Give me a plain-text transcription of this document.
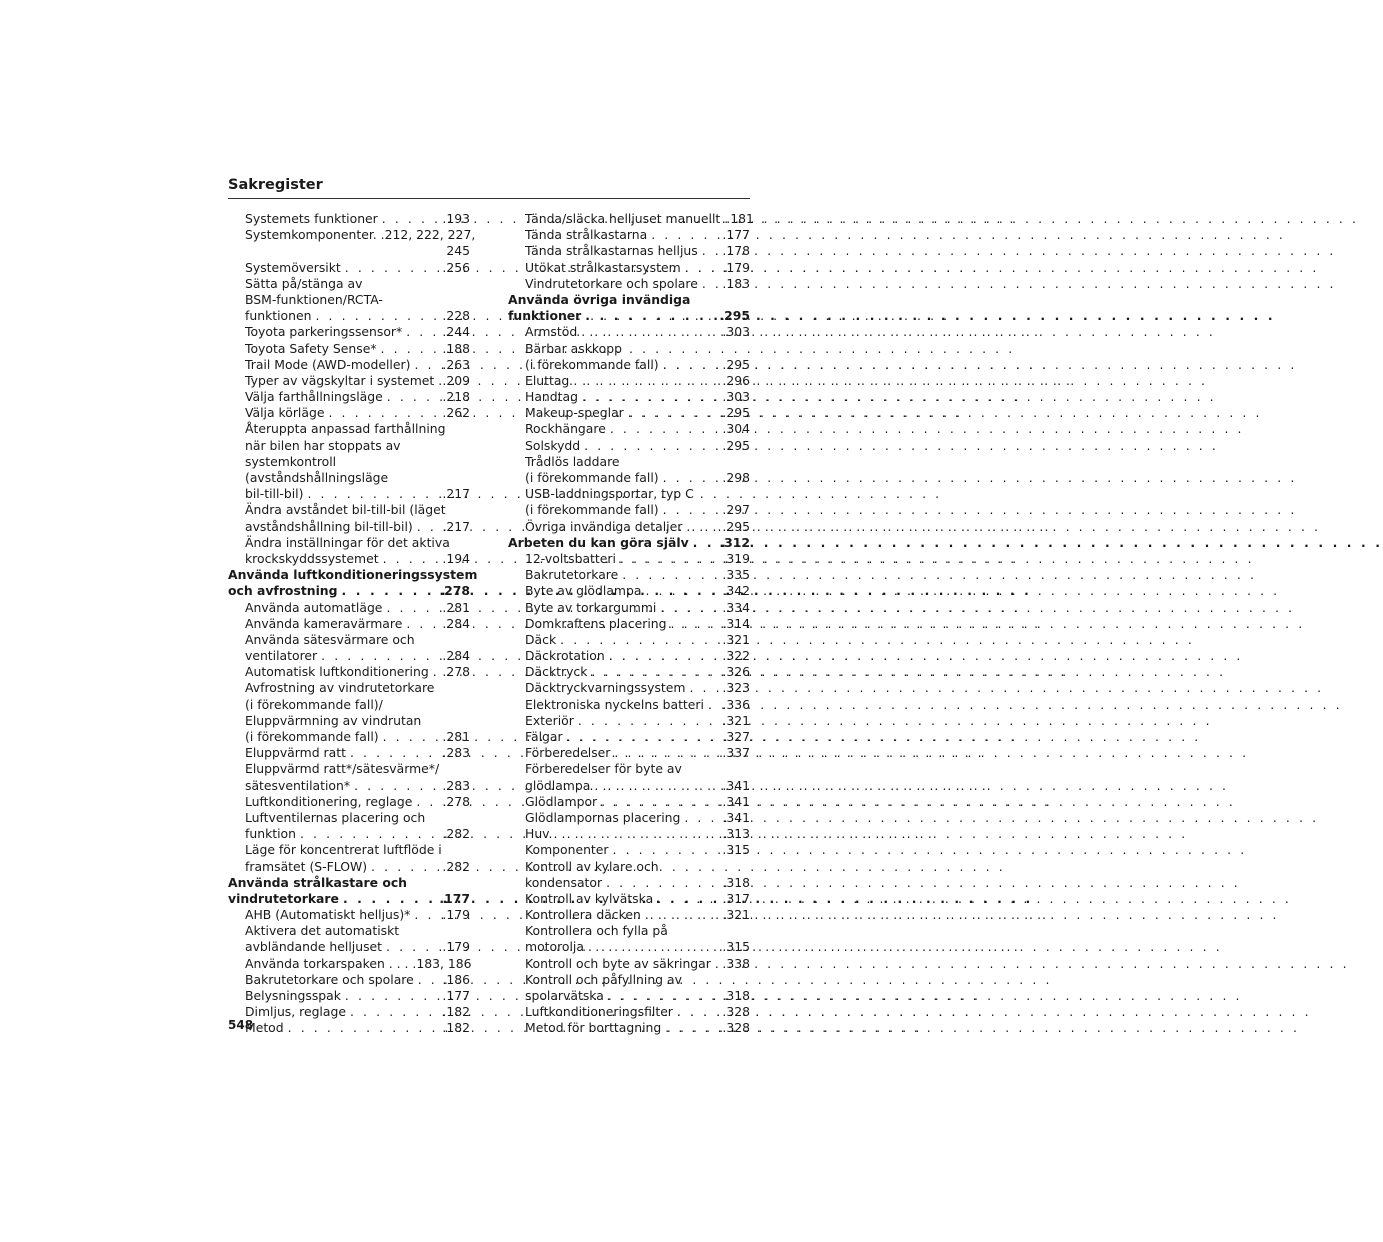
Sakregister
Systemets funktioner . . .	.193
Systemkomponenter. .212, 222, 227,
245
Systemöversikt . . .	.256
Sätta på/stänga av
BSM-funktionen/RCTA-
funktionen . . .	.228
Toyota parkeringssensor* . . .	.244
Toyota Safety Sense* . . .	.188
Trail Mode (AWD-modeller) . . .	.263
Typer av vägskyltar i systemet . . . .209
Välja farthållningsläge . . .	.218
Välja körläge . . .	.262
Återuppta anpassad farthållning
när bilen har stoppats av
systemkontroll
(avståndshållningsläge
bil-till-bil) . . .	.217
Ändra avståndet bil-till-bil (läget
avståndshållning bil-till-bil) . . . .217
Ändra inställningar för det aktiva
krockskyddssystemet . . .	.194
Använda luftkonditioneringssystem
och avfrostning . . .	.278
Använda automatläge . . .	.281
Använda kameravärmare . . .	.284
Använda sätesvärmare och
ventilatorer . . .	.284
Automatisk luftkonditionering . . . .278
Avfrostning av vindrutetorkare
(i förekommande fall)/
Eluppvärmning av vindrutan
(i förekommande fall) . . .	.281
Eluppvärmd ratt . . .	.283
Eluppvärmd ratt*/sätesvärme*/
sätesventilation* . . .	.283
Luftkonditionering, reglage . . . .278
Luftventilernas placering och
funktion . . .	.282
Läge för koncentrerat luftflöde i
framsätet (S-FLOW) . . .	.282
Använda strålkastare och
vindrutetorkare . . .	.177
AHB (Automatiskt helljus)* . . .	.179
Aktivera det automatiskt
avbländande helljuset . . .	.179
Använda torkarspaken . . . .183, 186
Bakrutetorkare och spolare . . . .186
Belysningsspak . . .	.177
Dimljus, reglage . . .	.182
Metod . . .	.182
Tända/släcka helljuset manuellt . . . .181
Tända strålkastarna . . .	.177
Tända strålkastarnas helljus . . . .178
Utökat strålkastarsystem . . .	.179
Vindrutetorkare och spolare . . . .183
Använda övriga invändiga
funktioner . . .	.295
Armstöd . . .	.303
Bärbar askkopp
(i förekommande fall) . . .	.295
Eluttag . . .	.296
Handtag . . .	.303
Makeup-speglar . . .	.295
Rockhängare . . .	.304
Solskydd . . .	.295
Trådlös laddare
(i förekommande fall) . . .	.298
USB-laddningsportar, typ C
(i förekommande fall) . . .	.297
Övriga invändiga detaljer . . .	.295
Arbeten du kan göra själv . . . .312
12-voltsbatteri . . .	.319
Bakrutetorkare . . .	.335
Byte av glödlampa . . .	.342
Byte av torkargummi . . .	.334
Domkraftens placering . . .	.314
Däck . . .	.321
Däckrotation . . .	.322
Däcktryck . . .	.326
Däcktryckvarningssystem . . .	.323
Elektroniska nyckelns batteri . . . .336
Exteriör . . .	.321
Fälgar . . .	.327
Förberedelser . . .	.337
Förberedelser för byte av
glödlampa . . .	.341
Glödlampor . . .	.341
Glödlampornas placering . . .	.341
Huv . . .	.313
Komponenter . . .	.315
Kontroll av kylare och
kondensator . . .	.318
Kontroll av kylvätska . . .	.317
Kontrollera däcken . . .	.321
Kontrollera och fylla på
motorolja . . .	.315
Kontroll och byte av säkringar . . . .338
Kontroll och påfyllning av
spolarvätska . . .	.318
Luftkonditioneringsfilter . . .	.328
Metod för borttagning . . .	.328
548
